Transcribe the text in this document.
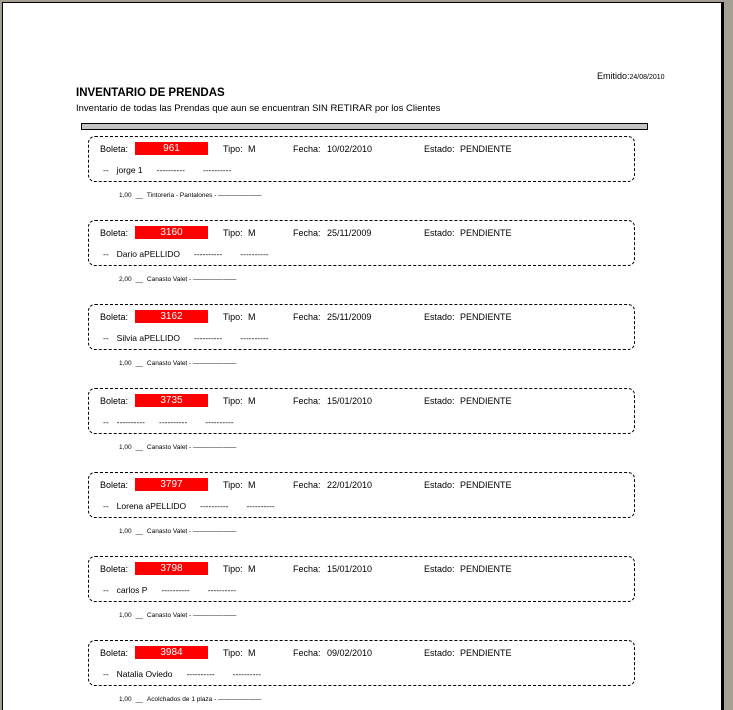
Emitido:24/08/2010
INVENTARIO DE PRENDAS
Inventario de todas las Prendas que aun se encuentran SIN RETIRAR por los Clientes
Boleta:	961	Tipo: M	Fecha: 10/02/2010	Estado: PENDIENTE
-- jorge 1 ---------- ----------
1,00 __ Tintoreria - Pantalones - ——-——-——
Boleta:	3160	Tipo: M	Fecha: 25/11/2009	Estado: PENDIENTE
-- Dario aPELLIDO ---------- ----------
2,00 __ Canasto Valet - ——-——-——
Boleta:	3162	Tipo: M	Fecha: 25/11/2009	Estado: PENDIENTE
-- Silvia aPELLIDO ---------- ----------
1,00 __ Canasto Valet - ——-——-——
Boleta:	3735	Tipo: M	Fecha: 15/01/2010	Estado: PENDIENTE
-- ---------- ---------- ----------
1,00 __ Canasto Valet - ——-——-——
Boleta:	3797	Tipo: M	Fecha: 22/01/2010	Estado: PENDIENTE
-- Lorena aPELLIDO ---------- ----------
1,00 __ Canasto Valet - ——-——-——
Boleta:	3798	Tipo: M	Fecha: 15/01/2010	Estado: PENDIENTE
-- carlos P ---------- ----------
1,00 __ Canasto Valet - ——-——-——
Boleta:	3984	Tipo: M	Fecha: 09/02/2010	Estado: PENDIENTE
-- Natalia Oviedo ---------- ----------
1,00 __ Acolchados de 1 plaza - ——-——-——
